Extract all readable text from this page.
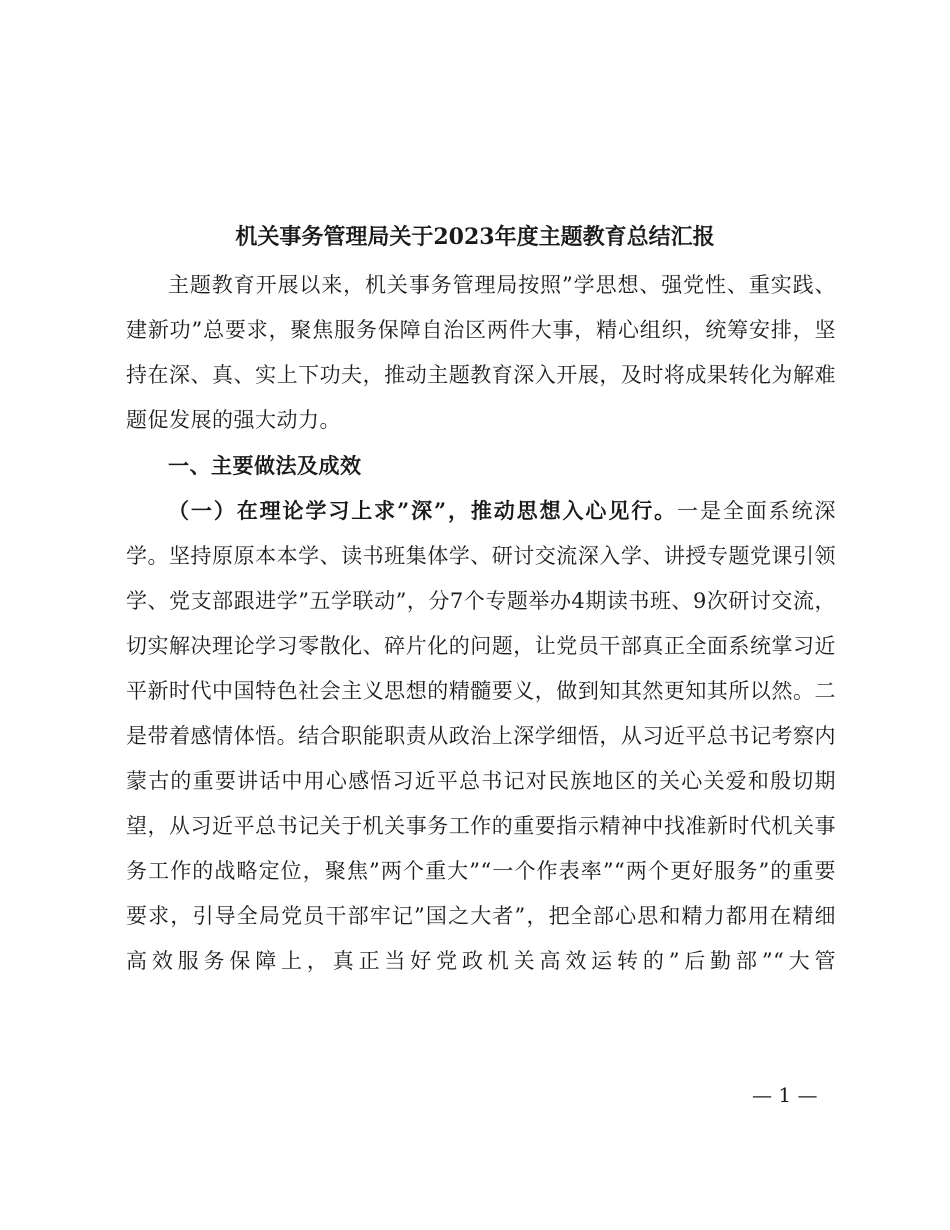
机关事务管理局关于2023年度主题教育总结汇报

主题教育开展以来，机关事务管理局按照”学思想、强党性、重实践、建新功”总要求，聚焦服务保障自治区两件大事，精心组织，统筹安排，坚持在深、真、实上下功夫，推动主题教育深入开展，及时将成果转化为解难题促发展的强大动力。

一、主要做法及成效

（一）在理论学习上求”深”，推动思想入心见行。一是全面系统深学。坚持原原本本学、读书班集体学、研讨交流深入学、讲授专题党课引领学、党支部跟进学”五学联动”，分7个专题举办4期读书班、9次研讨交流，切实解决理论学习零散化、碎片化的问题，让党员干部真正全面系统掌习近平新时代中国特色社会主义思想的精髓要义，做到知其然更知其所以然。二是带着感情体悟。结合职能职责从政治上深学细悟，从习近平总书记考察内蒙古的重要讲话中用心感悟习近平总书记对民族地区的关心关爱和殷切期望，从习近平总书记关于机关事务工作的重要指示精神中找准新时代机关事务工作的战略定位，聚焦”两个重大”“一个作表率”“两个更好服务”的重要要求，引导全局党员干部牢记”国之大者”，把全部心思和精力都用在精细高效服务保障上，真正当好党政机关高效运转的”后勤部”“大管

— 1 —
